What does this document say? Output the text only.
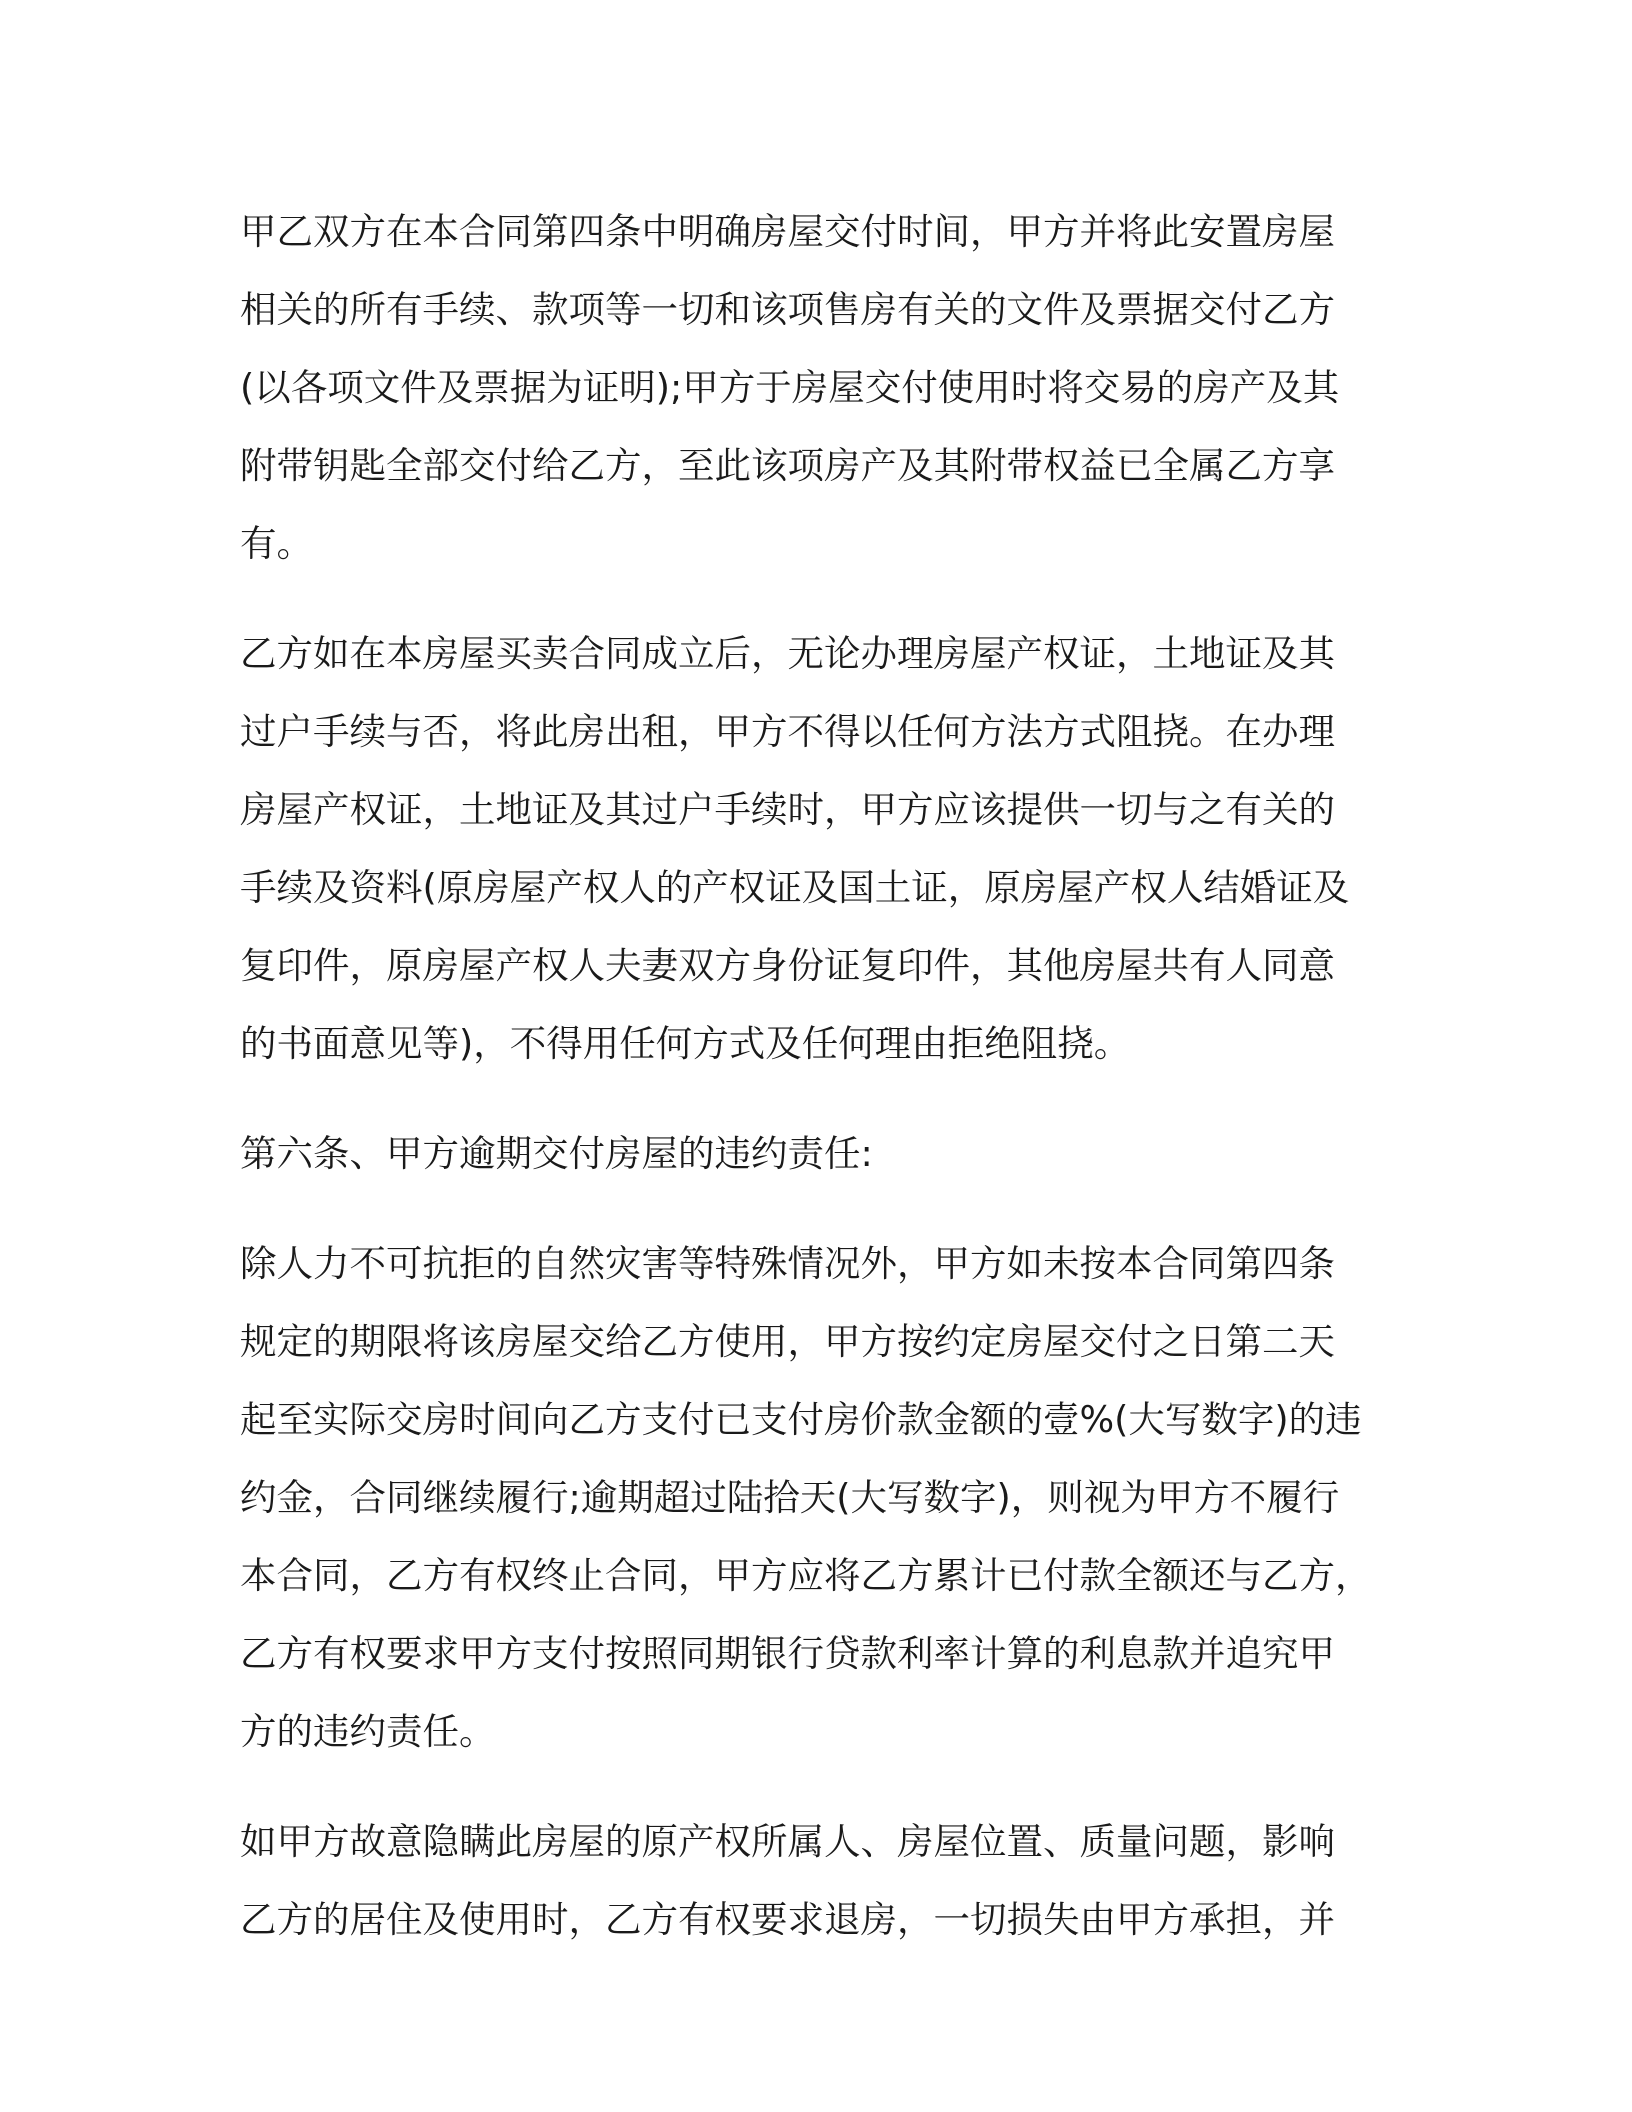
甲乙双方在本合同第四条中明确房屋交付时间，甲方并将此安置房屋
相关的所有手续、款项等一切和该项售房有关的文件及票据交付乙方
(以各项文件及票据为证明);甲方于房屋交付使用时将交易的房产及其
附带钥匙全部交付给乙方，至此该项房产及其附带权益已全属乙方享
有。

乙方如在本房屋买卖合同成立后，无论办理房屋产权证，土地证及其
过户手续与否，将此房出租，甲方不得以任何方法方式阻挠。在办理
房屋产权证，土地证及其过户手续时，甲方应该提供一切与之有关的
手续及资料(原房屋产权人的产权证及国土证，原房屋产权人结婚证及
复印件，原房屋产权人夫妻双方身份证复印件，其他房屋共有人同意
的书面意见等)，不得用任何方式及任何理由拒绝阻挠。

第六条、甲方逾期交付房屋的违约责任:

除人力不可抗拒的自然灾害等特殊情况外，甲方如未按本合同第四条
规定的期限将该房屋交给乙方使用，甲方按约定房屋交付之日第二天
起至实际交房时间向乙方支付已支付房价款金额的壹%(大写数字)的违
约金，合同继续履行;逾期超过陆拾天(大写数字)，则视为甲方不履行
本合同，乙方有权终止合同，甲方应将乙方累计已付款全额还与乙方，
乙方有权要求甲方支付按照同期银行贷款利率计算的利息款并追究甲
方的违约责任。

如甲方故意隐瞒此房屋的原产权所属人、房屋位置、质量问题，影响
乙方的居住及使用时，乙方有权要求退房，一切损失由甲方承担，并
